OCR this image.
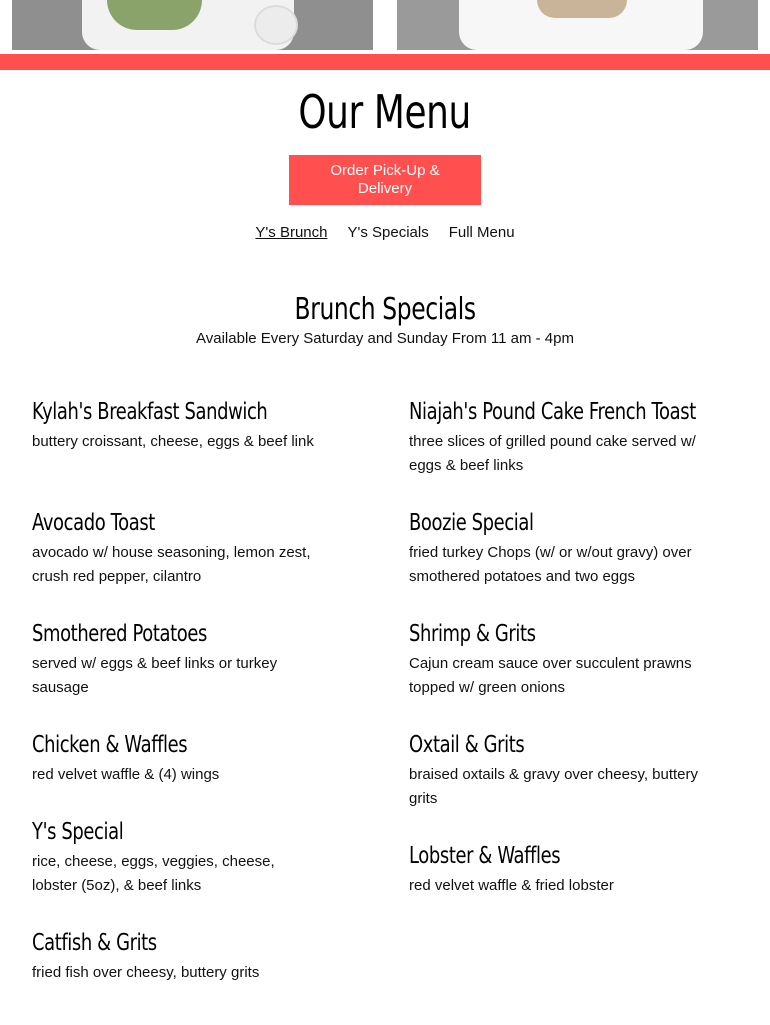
Our Menu
Order Pick-Up & Delivery
Y's Brunch Y's Specials Full Menu
Brunch Specials
Available Every Saturday and Sunday From 11 am - 4pm
Kylah's Breakfast Sandwich

buttery croissant, cheese, eggs & beef link

Avocado Toast

avocado w/ house seasoning, lemon zest, crush red pepper, cilantro

Smothered Potatoes

served w/ eggs & beef links or turkey sausage

Chicken & Waffles

red velvet waffle & (4) wings

Y's Special

rice, cheese, eggs, veggies, cheese, lobster (5oz), & beef links

Catfish & Grits

fried fish over cheesy, buttery grits

Niajah's Pound Cake French Toast

three slices of grilled pound cake served w/ eggs & beef links

Boozie Special

fried turkey Chops (w/ or w/out gravy) over smothered potatoes and two eggs

Shrimp & Grits

Cajun cream sauce over succulent prawns topped w/ green onions

Oxtail & Grits

braised oxtails & gravy over cheesy, buttery grits

Lobster & Waffles

red velvet waffle & fried lobster
